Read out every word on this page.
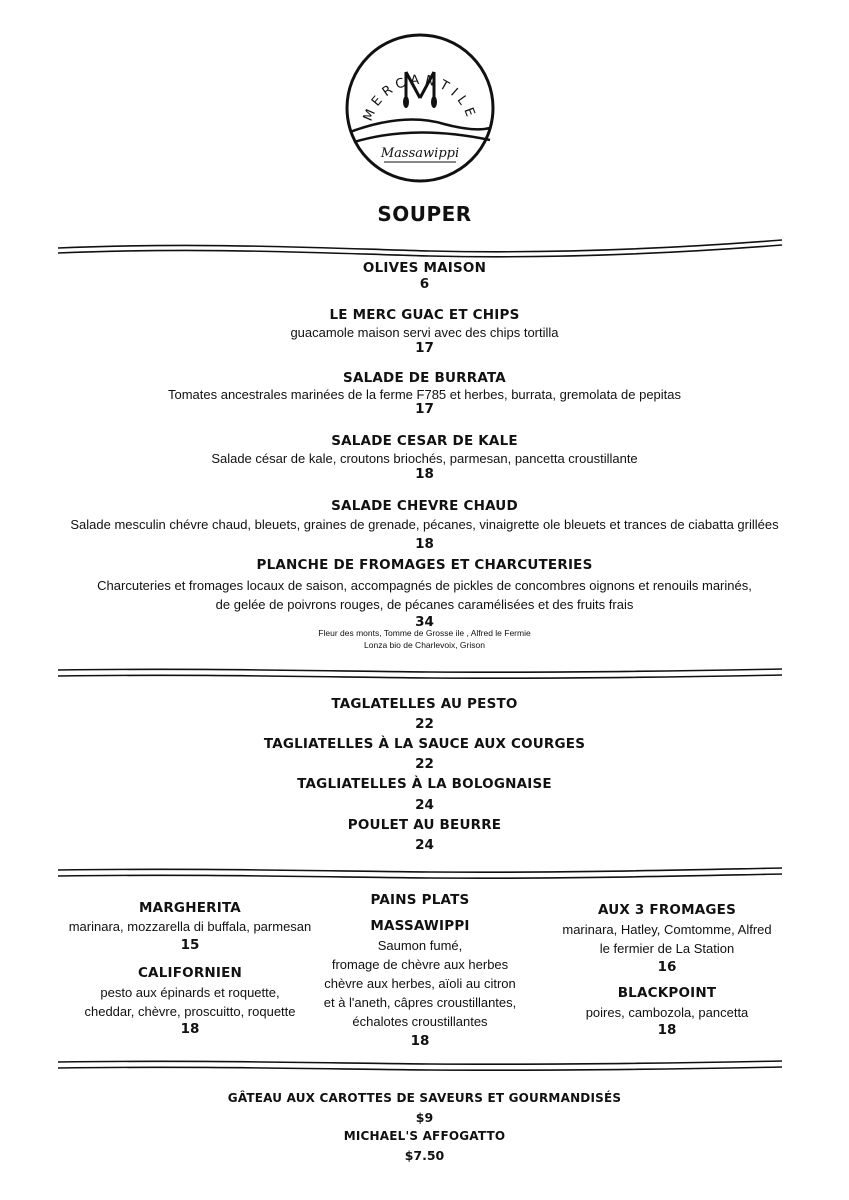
MERCANTILE
Massawippi
SOUPER
OLIVES MAISON
6
LE MERC GUAC ET CHIPS
guacamole maison servi avec des chips tortilla
17
SALADE DE BURRATA
Tomates ancestrales marinées de la ferme F785 et herbes, burrata, gremolata de pepitas
17
SALADE CESAR DE KALE
Salade césar de kale, croutons briochés, parmesan, pancetta croustillante
18
SALADE CHEVRE CHAUD
Salade mesculin chévre chaud, bleuets, graines de grenade, pécanes, vinaigrette ole bleuets et trances de ciabatta grillées
18
PLANCHE DE FROMAGES ET CHARCUTERIES
Charcuteries et fromages locaux de saison, accompagnés de pickles de concombres oignons et renouils marinés,
de gelée de poivrons rouges, de pécanes caramélisées et des fruits frais
34
Fleur des monts, Tomme de Grosse ile , Alfred le Fermie
Lonza bio de Charlevoix, Grison
TAGLATELLES AU PESTO
22
TAGLIATELLES À LA SAUCE AUX COURGES
22
TAGLIATELLES À LA BOLOGNAISE
24
POULET AU BEURRE
24
PAINS PLATS
MARGHERITA
marinara, mozzarella di buffala, parmesan
15
CALIFORNIEN
pesto aux épinards et roquette,
cheddar, chèvre, proscuitto, roquette
18
MASSAWIPPI
Saumon fumé,
fromage de chèvre aux herbes
chèvre aux herbes, aïoli au citron
et à l'aneth, câpres croustillantes,
échalotes croustillantes
18
AUX 3 FROMAGES
marinara, Hatley, Comtomme, Alfred
le fermier de La Station
16
BLACKPOINT
poires, cambozola, pancetta
18
GÂTEAU AUX CAROTTES DE SAVEURS ET GOURMANDISÉS
$9
MICHAEL'S AFFOGATTO
$7.50
